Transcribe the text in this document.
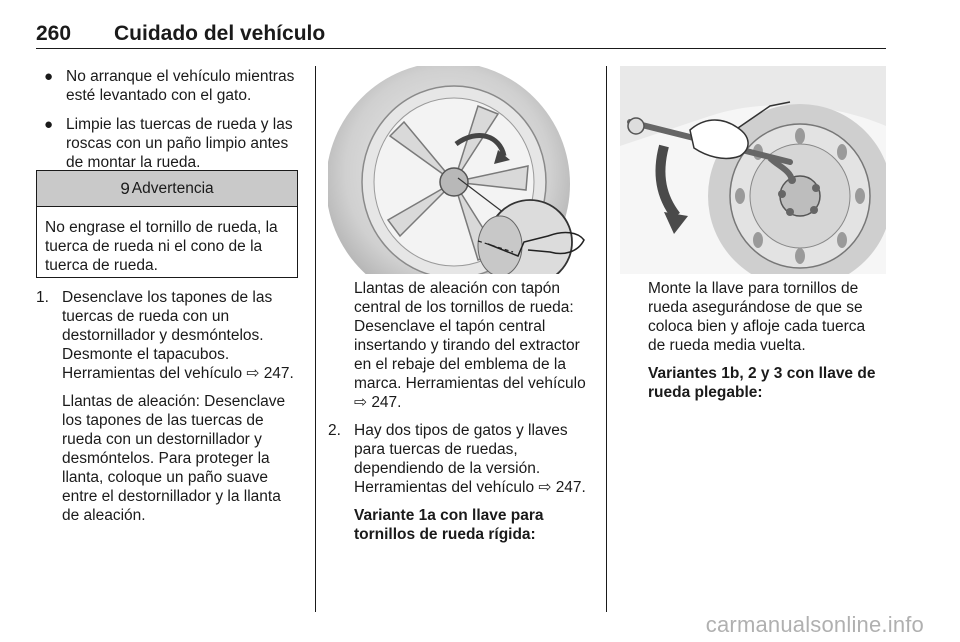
260 Cuidado del vehículo
● No arranque el vehículo mientras esté levantado con el gato.

● Limpie las tuercas de rueda y las roscas con un paño limpio antes de montar la rueda.

9 Advertencia
No engrase el tornillo de rueda, la tuerca de rueda ni el cono de la tuerca de rueda.
1. Desenclave los tapones de las tuercas de rueda con un destornillador y desmóntelos. Desmonte el tapacubos. Herramientas del vehículo ⇨ 247.

Llantas de aleación: Desenclave los tapones de las tuercas de rueda con un destornillador y desmóntelos. Para proteger la llanta, coloque un paño suave entre el destornillador y la llanta de aleación.

Llantas de aleación con tapón central de los tornillos de rueda: Desenclave el tapón central insertando y tirando del extractor en el rebaje del emblema de la marca. Herramientas del vehículo ⇨ 247.

2. Hay dos tipos de gatos y llaves para tuercas de ruedas, dependiendo de la versión. Herramientas del vehículo ⇨ 247.

Variante 1a con llave para tornillos de rueda rígida:

Monte la llave para tornillos de rueda asegurándose de que se coloca bien y afloje cada tuerca de rueda media vuelta.

Variantes 1b, 2 y 3 con llave de rueda plegable:

carmanualsonline.info
